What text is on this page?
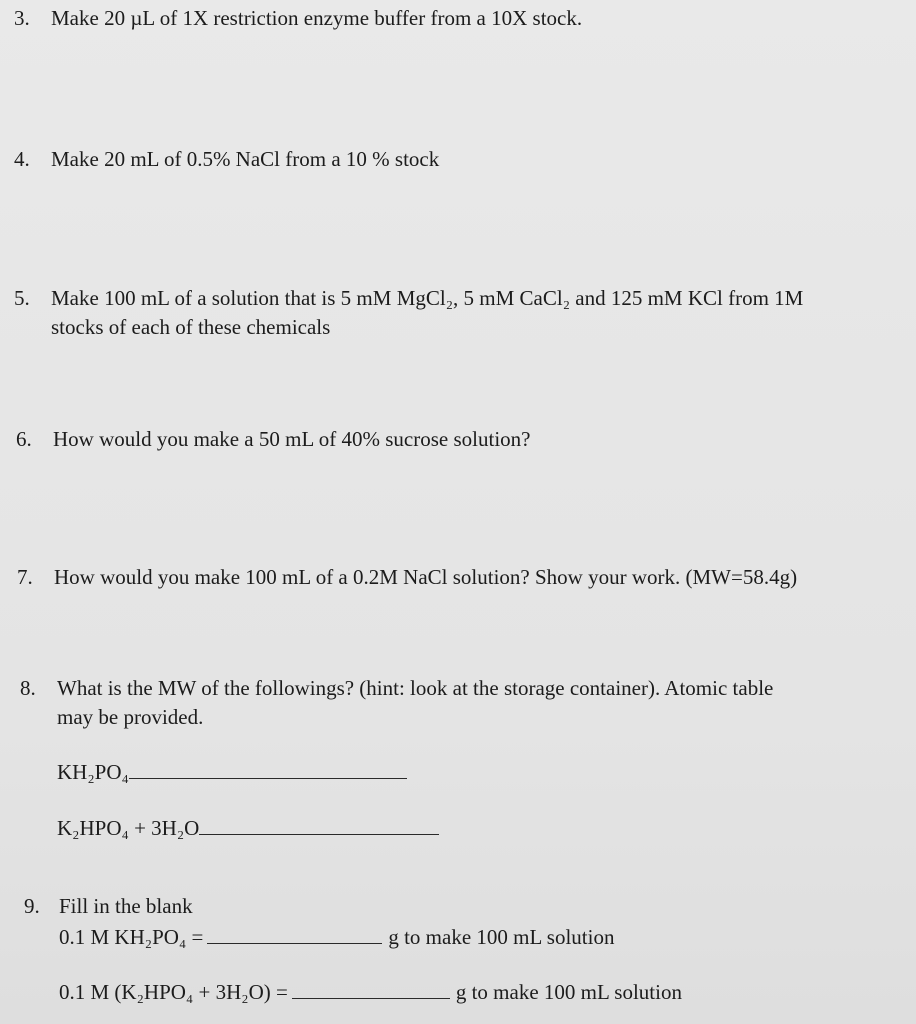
3. Make 20 µL of 1X restriction enzyme buffer from a 10X stock.
4. Make 20 mL of 0.5% NaCl from a 10 % stock
5. Make 100 mL of a solution that is 5 mM MgCl₂, 5 mM CaCl₂ and 125 mM KCl from 1M
stocks of each of these chemicals
6. How would you make a 50 mL of 40% sucrose solution?
7. How would you make 100 mL of a 0.2M NaCl solution? Show your work. (MW=58.4g)
8. What is the MW of the followings? (hint: look at the storage container). Atomic table
may be provided.
KH₂PO₄
K₂HPO₄ + 3H₂O
9. Fill in the blank
0.1 M KH₂PO₄ =	g to make 100 mL solution
0.1 M (K₂HPO₄ + 3H₂O) =	g to make 100 mL solution
